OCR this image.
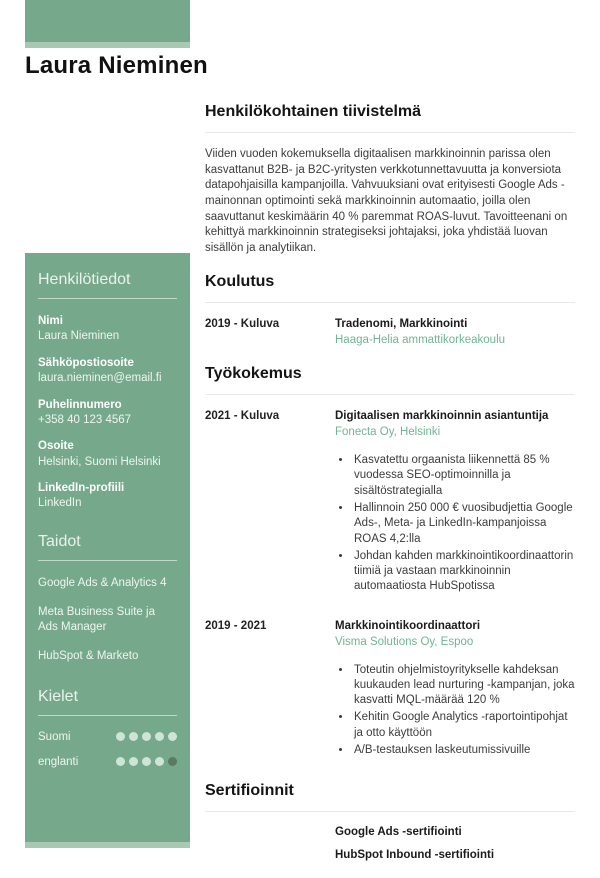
Laura Nieminen
Henkilötiedot
Nimi
Laura Nieminen
Sähköpostiosoite
laura.nieminen@email.fi
Puhelinnumero
+358 40 123 4567
Osoite
Helsinki, Suomi Helsinki
LinkedIn-profiili
LinkedIn
Taidot
Google Ads & Analytics 4
Meta Business Suite ja Ads Manager
HubSpot & Marketo
Kielet
Suomi
englanti
Henkilökohtainen tiivistelmä

Viiden vuoden kokemuksella digitaalisen markkinoinnin parissa olen kasvattanut B2B- ja B2C-yritysten verkkotunnettavuutta ja konversiota datapohjaisilla kampanjoilla. Vahvuuksiani ovat erityisesti Google Ads -mainonnan optimointi sekä markkinoinnin automaatio, joilla olen saavuttanut keskimäärin 40 % paremmat ROAS-luvut. Tavoitteenani on kehittyä markkinoinnin strategiseksi johtajaksi, joka yhdistää luovan sisällön ja analytiikan.

Koulutus
2019 - Kuluva	Tradenomi, Markkinointi
Haaga-Helia ammattikorkeakoulu
Työkokemus
2021 - Kuluva	Digitaalisen markkinoinnin asiantuntija
Fonecta Oy, Helsinki
• Kasvatettu orgaanista liikennettä 85 % vuodessa SEO-optimoinnilla ja sisältöstrategialla
• Hallinnoin 250 000 € vuosibudjettia Google Ads-, Meta- ja LinkedIn-kampanjoissa ROAS 4,2:lla
• Johdan kahden markkinointikoordinaattorin tiimiä ja vastaan markkinoinnin automaatiosta HubSpotissa
2019 - 2021	Markkinointikoordinaattori
Visma Solutions Oy, Espoo
• Toteutin ohjelmistoyritykselle kahdeksan kuukauden lead nurturing -kampanjan, joka kasvatti MQL-määrää 120 %
• Kehitin Google Analytics -raportointipohjat ja otto käyttöön
• A/B-testauksen laskeutumissivuille
Sertifioinnit
Google Ads -sertifiointi
HubSpot Inbound -sertifiointi
